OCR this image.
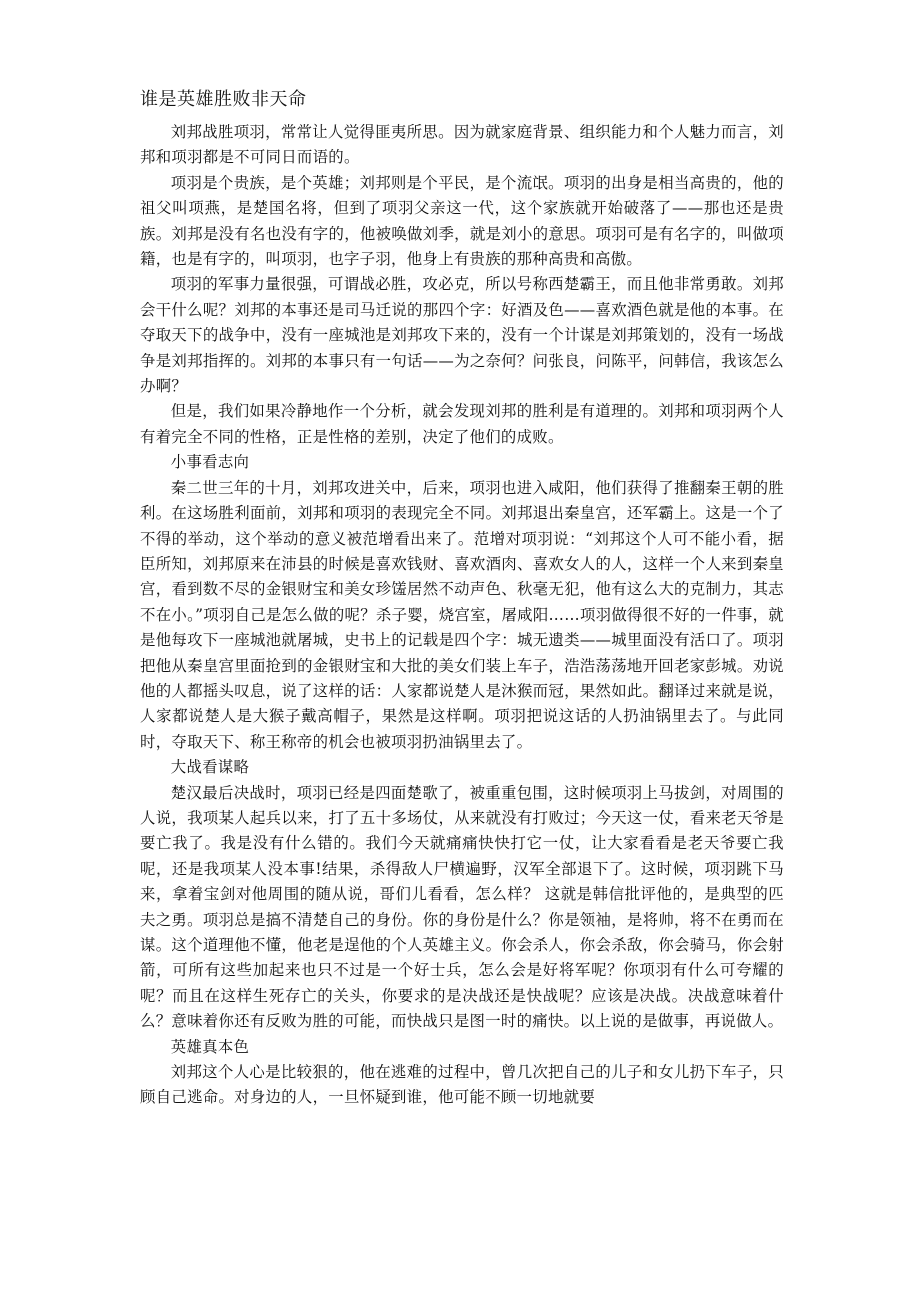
谁是英雄胜败非天命

刘邦战胜项羽，常常让人觉得匪夷所思。因为就家庭背景、组织能力和个人魅力而言，刘邦和项羽都是不可同日而语的。

项羽是个贵族，是个英雄；刘邦则是个平民，是个流氓。项羽的出身是相当高贵的，他的祖父叫项燕，是楚国名将，但到了项羽父亲这一代，这个家族就开始破落了——那也还是贵族。刘邦是没有名也没有字的，他被唤做刘季，就是刘小的意思。项羽可是有名字的，叫做项籍，也是有字的，叫项羽，也字子羽，他身上有贵族的那种高贵和高傲。

项羽的军事力量很强，可谓战必胜，攻必克，所以号称西楚霸王，而且他非常勇敢。刘邦会干什么呢？刘邦的本事还是司马迁说的那四个字：好酒及色——喜欢酒色就是他的本事。在夺取天下的战争中，没有一座城池是刘邦攻下来的，没有一个计谋是刘邦策划的，没有一场战争是刘邦指挥的。刘邦的本事只有一句话——为之奈何？问张良，问陈平，问韩信，我该怎么办啊？

但是，我们如果冷静地作一个分析，就会发现刘邦的胜利是有道理的。刘邦和项羽两个人有着完全不同的性格，正是性格的差别，决定了他们的成败。

小事看志向

秦二世三年的十月，刘邦攻进关中，后来，项羽也进入咸阳，他们获得了推翻秦王朝的胜利。在这场胜利面前，刘邦和项羽的表现完全不同。刘邦退出秦皇宫，还军霸上。这是一个了不得的举动，这个举动的意义被范增看出来了。范增对项羽说：“刘邦这个人可不能小看，据臣所知，刘邦原来在沛县的时候是喜欢钱财、喜欢酒肉、喜欢女人的人，这样一个人来到秦皇宫，看到数不尽的金银财宝和美女珍馐居然不动声色、秋毫无犯，他有这么大的克制力，其志不在小。”项羽自己是怎么做的呢？杀子婴，烧宫室，屠咸阳……项羽做得很不好的一件事，就是他每攻下一座城池就屠城，史书上的记载是四个字：城无遗类——城里面没有活口了。项羽把他从秦皇宫里面抢到的金银财宝和大批的美女们装上车子，浩浩荡荡地开回老家彭城。劝说他的人都摇头叹息，说了这样的话：人家都说楚人是沐猴而冠，果然如此。翻译过来就是说，人家都说楚人是大猴子戴高帽子，果然是这样啊。项羽把说这话的人扔油锅里去了。与此同时，夺取天下、称王称帝的机会也被项羽扔油锅里去了。

大战看谋略

楚汉最后决战时，项羽已经是四面楚歌了，被重重包围，这时候项羽上马拔剑，对周围的人说，我项某人起兵以来，打了五十多场仗，从来就没有打败过；今天这一仗，看来老天爷是要亡我了。我是没有什么错的。我们今天就痛痛快快打它一仗，让大家看看是老天爷要亡我呢，还是我项某人没本事!结果，杀得敌人尸横遍野，汉军全部退下了。这时候，项羽跳下马来，拿着宝剑对他周围的随从说，哥们儿看看，怎么样？ 这就是韩信批评他的，是典型的匹夫之勇。项羽总是搞不清楚自己的身份。你的身份是什么？你是领袖，是将帅，将不在勇而在谋。这个道理他不懂，他老是逞他的个人英雄主义。你会杀人，你会杀敌，你会骑马，你会射箭，可所有这些加起来也只不过是一个好士兵，怎么会是好将军呢？你项羽有什么可夸耀的呢？而且在这样生死存亡的关头，你要求的是决战还是快战呢？应该是决战。决战意味着什么？意味着你还有反败为胜的可能，而快战只是图一时的痛快。以上说的是做事，再说做人。

英雄真本色

刘邦这个人心是比较狠的，他在逃难的过程中，曾几次把自己的儿子和女儿扔下车子，只顾自己逃命。对身边的人，一旦怀疑到谁，他可能不顾一切地就要
